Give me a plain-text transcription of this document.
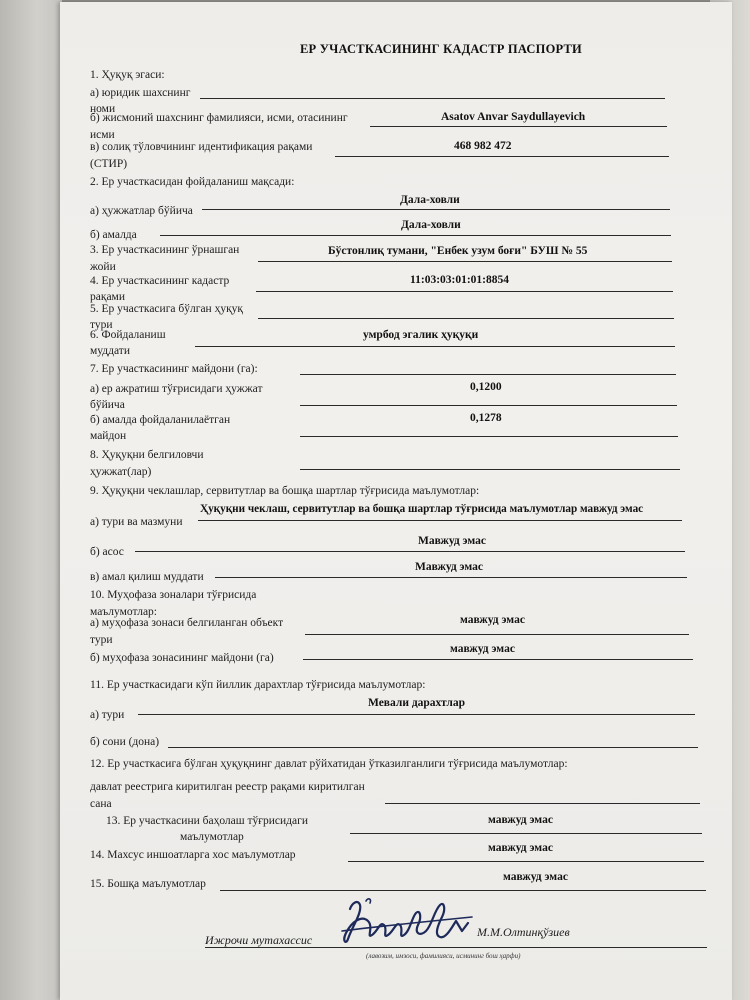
ЕР УЧАСТКАСИНИНГ КАДАСТР ПАСПОРТИ
1. Ҳуқуқ эгаси:
а) юридик шахснинг
номи
б) жисмоний шахснинг фамилияси, исми, отасининг
исми
Asatov Anvar Saydullayevich
в) солиқ тўловчининг идентификация рақами
(СТИР)
468 982 472
2. Ер участкасидан фойдаланиш мақсади:
а) ҳужжатлар бўйича
Дала-ховли
б) амалда
Дала-ховли
3. Ер участкасининг ўрнашган
жойи
Бўстонлиқ тумани, "Енбек узум боғи" БУШ № 55
4. Ер участкасининг кадастр
рақами
11:03:03:01:01:8854
5. Ер участкасига бўлган ҳуқуқ
тури
6. Фойдаланиш
муддати
умрбод эгалик ҳуқуқи
7. Ер участкасининг майдони (га):
а) ер ажратиш тўғрисидаги ҳужжат
бўйича
0,1200
б) амалда фойдаланилаётган
майдон
0,1278
8. Ҳуқуқни белгиловчи
ҳужжат(лар)
9. Ҳуқуқни чеклашлар, сервитутлар ва бошқа шартлар тўғрисида маълумотлар:
а) тури ва мазмуни
Ҳуқуқни чеклаш, сервитутлар ва бошқа шартлар тўғрисида маълумотлар мавжуд эмас
б) асос
Мавжуд эмас
в) амал қилиш муддати
Мавжуд эмас
10. Муҳофаза зоналари тўғрисида
маълумотлар:
а) муҳофаза зонаси белгиланган объект
тури
мавжуд эмас
б) муҳофаза зонасининг майдони (га)
мавжуд эмас
11. Ер участкасидаги кўп йиллик дарахтлар тўғрисида маълумотлар:
а) тури
Мевали дарахтлар
б) сони (дона)
12. Ер участкасига бўлган ҳуқуқнинг давлат рўйхатидан ўтказилганлиги тўғрисида маълумотлар:
давлат реестрига киритилган реестр рақами киритилган
сана
13. Ер участкасини баҳолаш тўғрисидаги
маълумотлар
мавжуд эмас
14. Махсус иншоатларга хос маълумотлар
мавжуд эмас
15. Бошқа маълумотлар
мавжуд эмас
Ижрочи мутахассис
М.М.Олтинқўзиев
(лавозим, имзоси, фамилияси, исмининг бош ҳарфи)
